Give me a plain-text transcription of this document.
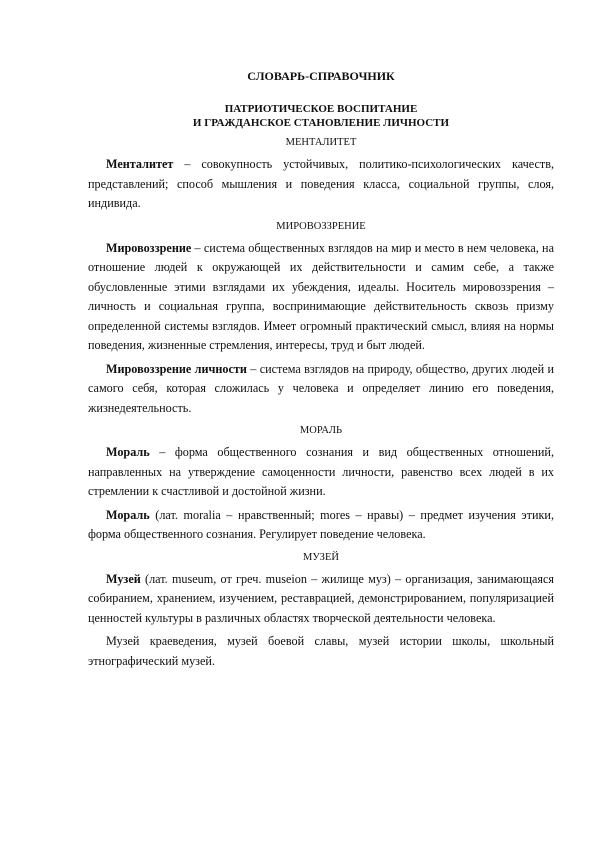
СЛОВАРЬ-СПРАВОЧНИК
ПАТРИОТИЧЕСКОЕ ВОСПИТАНИЕ
И ГРАЖДАНСКОЕ СТАНОВЛЕНИЕ ЛИЧНОСТИ
МЕНТАЛИТЕТ

Менталитет – совокупность устойчивых, политико-психологических качеств, представлений; способ мышления и поведения класса, социальной группы, слоя, индивида.

МИРОВОЗЗРЕНИЕ

Мировоззрение – система общественных взглядов на мир и место в нем человека, на отношение людей к окружающей их действительности и самим себе, а также обусловленные этими взглядами их убеждения, идеалы. Носитель мировоззрения – личность и социальная группа, воспринимающие действительность сквозь призму определенной системы взглядов. Имеет огромный практический смысл, влияя на нормы поведения, жизненные стремления, интересы, труд и быт людей.

Мировоззрение личности – система взглядов на природу, общество, других людей и самого себя, которая сложилась у человека и определяет линию его поведения, жизнедеятельность.

МОРАЛЬ

Мораль – форма общественного сознания и вид общественных отношений, направленных на утверждение самоценности личности, равенство всех людей в их стремлении к счастливой и достойной жизни.

Мораль (лат. moralia – нравственный; mores – нравы) – предмет изучения этики, форма общественного сознания. Регулирует поведение человека.

МУЗЕЙ

Музей (лат. museum, от греч. museion – жилище муз) – организация, занимающаяся собиранием, хранением, изучением, реставрацией, демонстрированием, популяризацией ценностей культуры в различных областях творческой деятельности человека.

Музей краеведения, музей боевой славы, музей истории школы, школьный этнографический музей.
